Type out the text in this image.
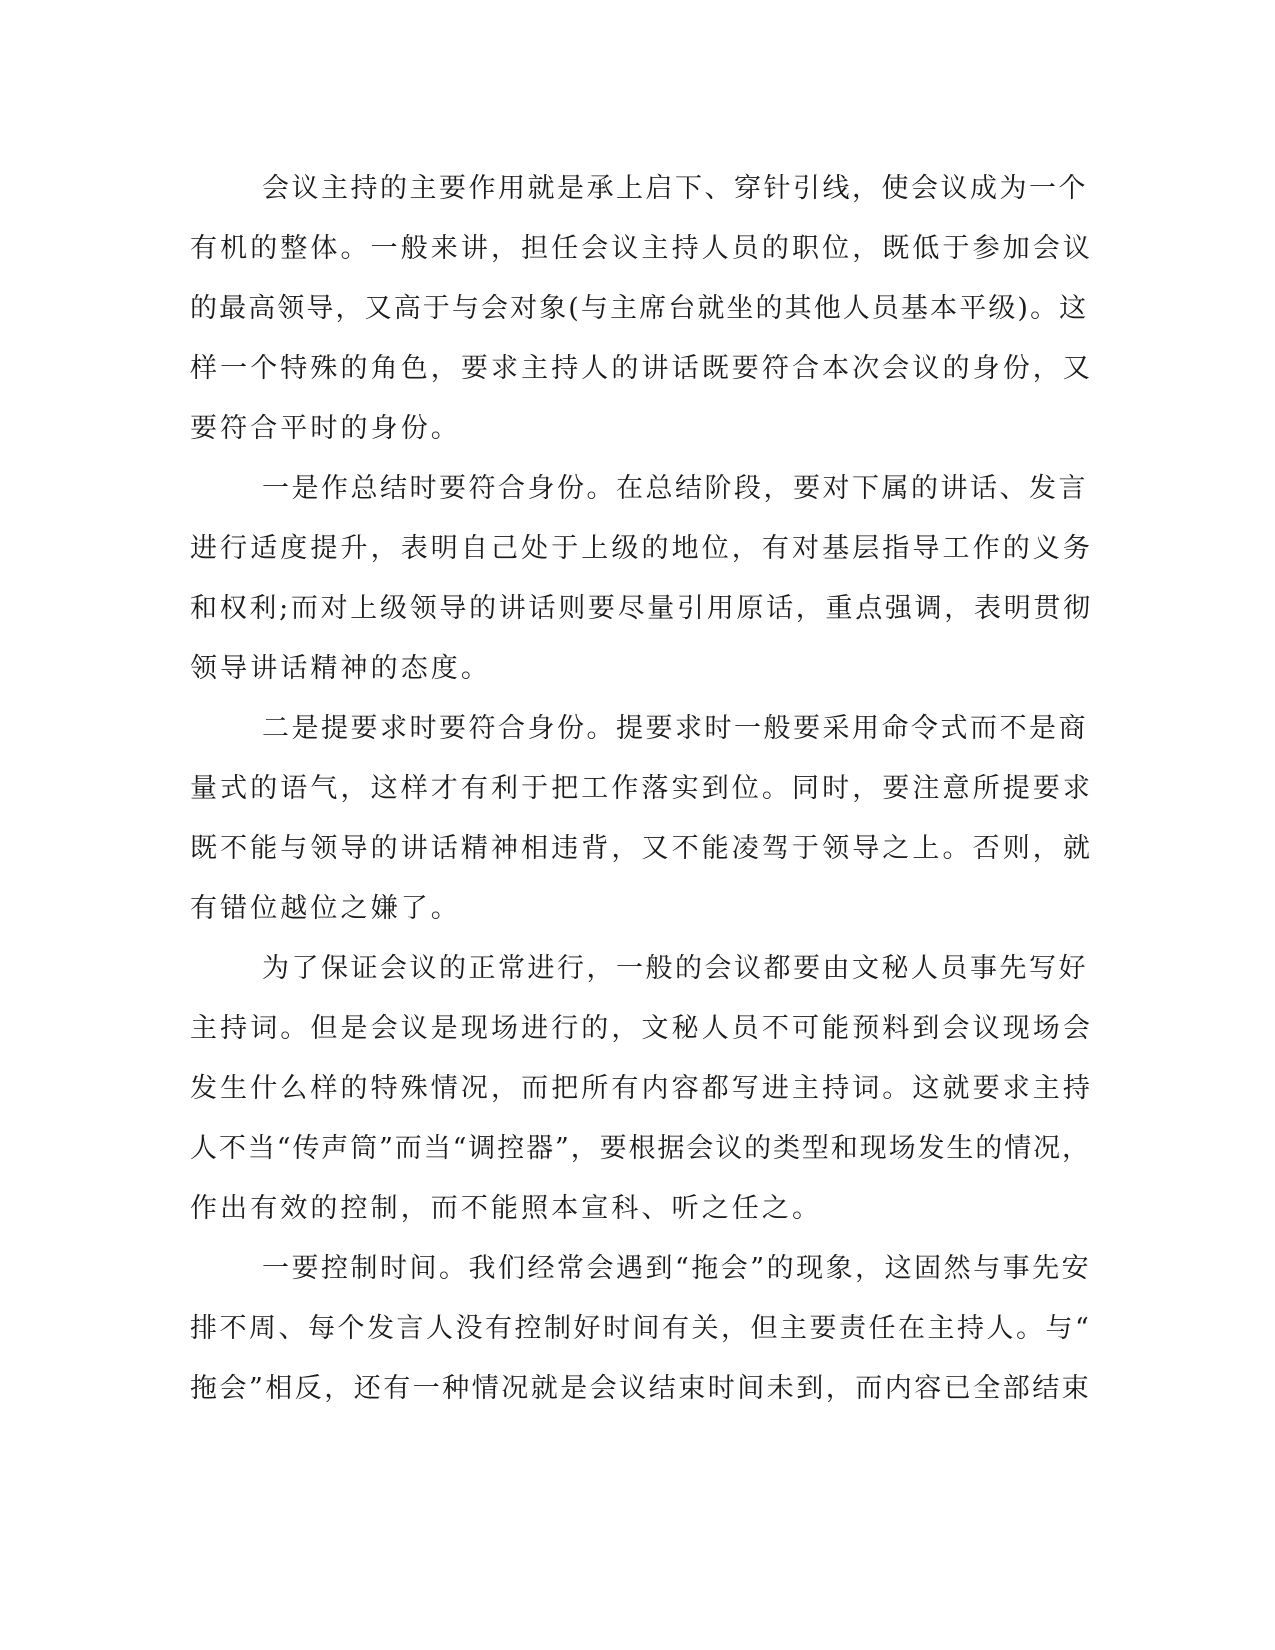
会议主持的主要作用就是承上启下、穿针引线，使会议成为一个
有机的整体。一般来讲，担任会议主持人员的职位，既低于参加会议
的最高领导，又高于与会对象(与主席台就坐的其他人员基本平级)。这
样一个特殊的角色，要求主持人的讲话既要符合本次会议的身份，又
要符合平时的身份。
一是作总结时要符合身份。在总结阶段，要对下属的讲话、发言
进行适度提升，表明自己处于上级的地位，有对基层指导工作的义务
和权利;而对上级领导的讲话则要尽量引用原话，重点强调，表明贯彻
领导讲话精神的态度。
二是提要求时要符合身份。提要求时一般要采用命令式而不是商
量式的语气，这样才有利于把工作落实到位。同时，要注意所提要求
既不能与领导的讲话精神相违背，又不能凌驾于领导之上。否则，就
有错位越位之嫌了。
为了保证会议的正常进行，一般的会议都要由文秘人员事先写好
主持词。但是会议是现场进行的，文秘人员不可能预料到会议现场会
发生什么样的特殊情况，而把所有内容都写进主持词。这就要求主持
人不当“传声筒”而当“调控器”，要根据会议的类型和现场发生的情况，
作出有效的控制，而不能照本宣科、听之任之。
一要控制时间。我们经常会遇到“拖会”的现象，这固然与事先安
排不周、每个发言人没有控制好时间有关，但主要责任在主持人。与“
拖会”相反，还有一种情况就是会议结束时间未到，而内容已全部结束
